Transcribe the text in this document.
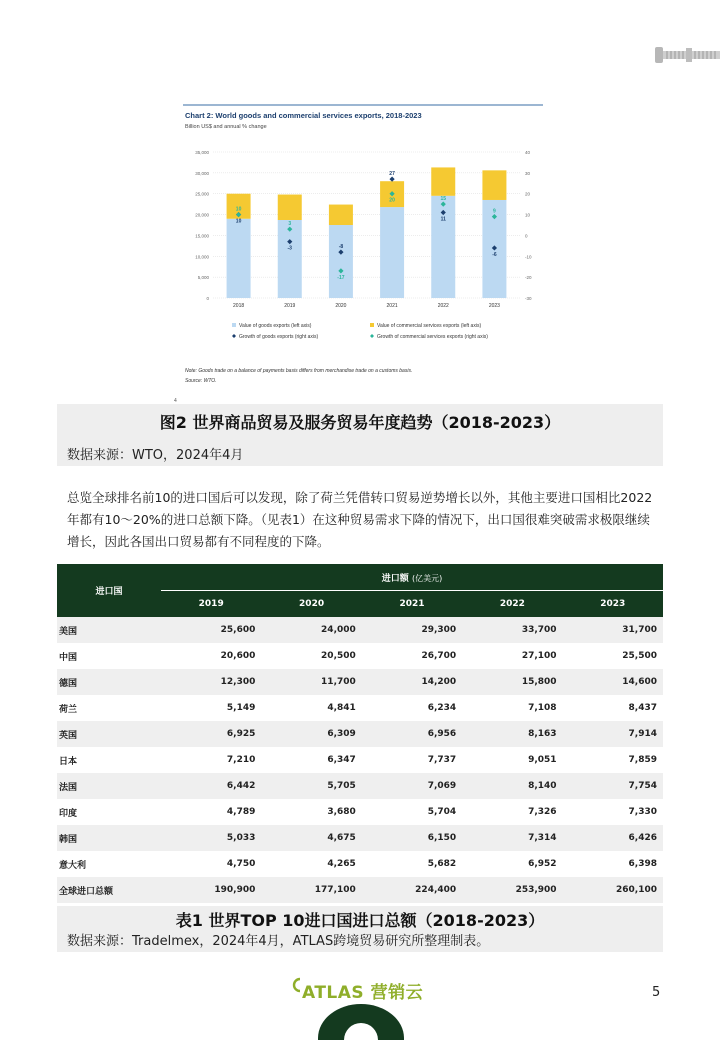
Chart 2: World goods and commercial services exports, 2018-2023
Billion US$ and annual % change
2018
10
10
2019
-3
3
2020
-8
-17
2021
27
20
2022
11
15
2023
-6
9
35,000	40
30,000	30
25,000	20
20,000	10
15,000	0
10,000	-10
5,000	-20
0	-30
Value of goods exports (left axis)	Value of commercial services exports (left axis)
Growth of goods exports (right axis)	Growth of commercial services exports (right axis)
Note: Goods trade on a balance of payments basis differs from merchandise trade on a customs basis.
Source: WTO.
4
图2 世界商品贸易及服务贸易年度趋势（2018-2023）
数据来源：WTO，2024年4月
总览全球排名前10的进口国后可以发现，除了荷兰凭借转口贸易逆势增长以外，其他主要进口国相比2022年都有10～20%的进口总额下降。（见表1）在这种贸易需求下降的情况下，出口国很难突破需求极限继续增长，因此各国出口贸易都有不同程度的下降。
进口国	进口额 (亿美元)				
	2019	2020	2021	2022	2023
美国	25,600	24,000	29,300	33,700	31,700
中国	20,600	20,500	26,700	27,100	25,500
德国	12,300	11,700	14,200	15,800	14,600
荷兰	5,149	4,841	6,234	7,108	8,437
英国	6,925	6,309	6,956	8,163	7,914
日本	7,210	6,347	7,737	9,051	7,859
法国	6,442	5,705	7,069	8,140	7,754
印度	4,789	3,680	5,704	7,326	7,330
韩国	5,033	4,675	6,150	7,314	6,426
意大利	4,750	4,265	5,682	6,952	6,398
全球进口总额	190,900	177,100	224,400	253,900	260,100
表1 世界TOP 10进口国进口总额（2018-2023）
数据来源：Tradelmex，2024年4月，ATLAS跨境贸易研究所整理制表。
ATLAS 营销云	5
